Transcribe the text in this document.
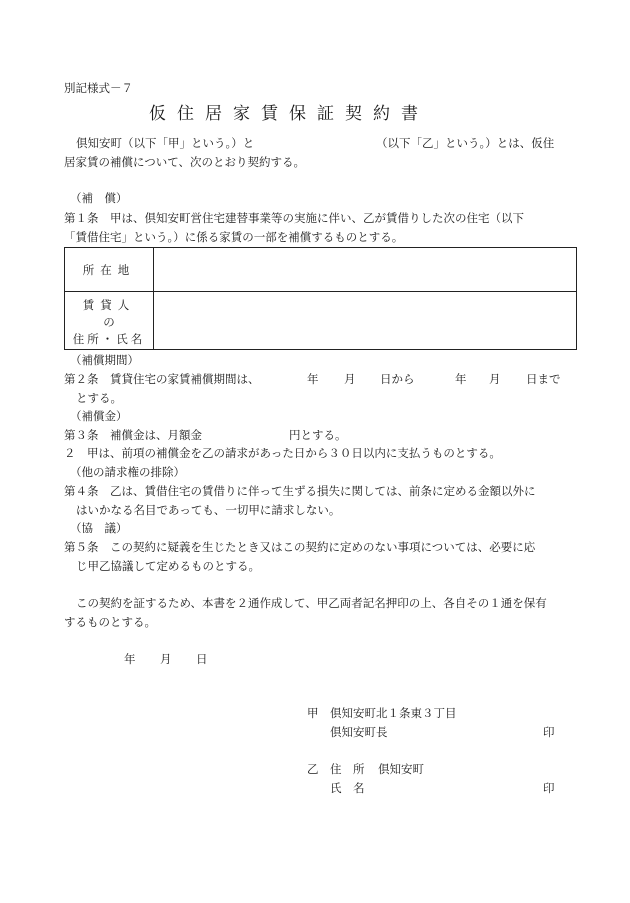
別記様式－７
仮住居家賃保証契約書
倶知安町（以下「甲」という。）と	（以下「乙」という。）とは、仮住
居家賃の補償について、次のとおり契約する。
（補　償）
第１条　甲は、倶知安町営住宅建替事業等の実施に伴い、乙が賃借りした次の住宅（以下
「賃借住宅」という。）に係る家賃の一部を補償するものとする。
所在地	

賃貸人
の
住所・氏名	

（補償期間）
第２条　賃貸住宅の家賃補償期間は、	年 月 日から	年 月 日まで
とする。
（補償金）
第３条　補償金は、月額金	円とする。
２　甲は、前項の補償金を乙の請求があった日から３０日以内に支払うものとする。
（他の請求権の排除）
第４条　乙は、賃借住宅の賃借りに伴って生ずる損失に関しては、前条に定める金額以外に
はいかなる名目であっても、一切甲に請求しない。
（協　議）
第５条　この契約に疑義を生じたとき又はこの契約に定めのない事項については、必要に応
じ甲乙協議して定めるものとする。
この契約を証するため、本書を２通作成して、甲乙両者記名押印の上、各自その１通を保有
するものとする。
年 月 日
甲 倶知安町北１条東３丁目
倶知安町長	印
乙 住　所 倶知安町
氏　名	印
